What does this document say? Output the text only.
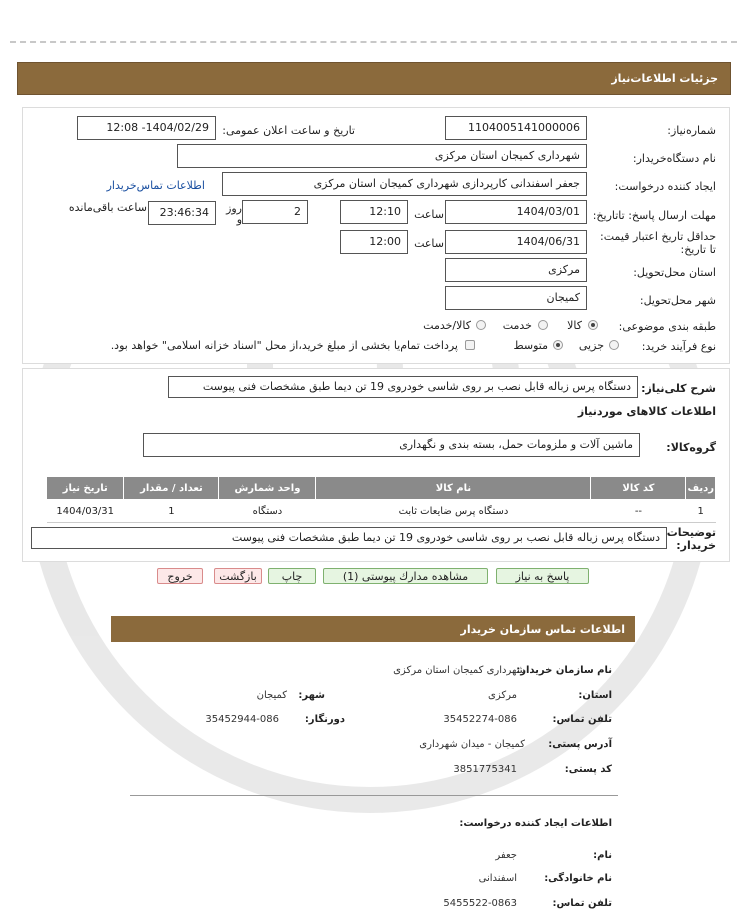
جزئیات اطلاعات‌نیاز
شماره‌نیاز:
1104005141000006
تاریخ و ساعت اعلان عمومی:
1404/02/29- 12:08
نام دستگاه‌خریدار:
شهرداری کمیجان استان مرکزی
ایجاد کننده درخواست:
جعفر اسفندانی کارپردازی شهرداری کمیجان استان مرکزی
اطلاعات تماس‌خریدار
مهلت ارسال پاسخ: تاتاریخ:
1404/03/01
ساعت
12:10
2
روز و
23:46:34
ساعت باقی‌مانده
حداقل تاریخ اعتبار قیمت: تا تاریخ:
1404/06/31
ساعت
12:00
استان محل‌تحویل:
مرکزی
شهر محل‌تحویل:
کمیجان
طبقه بندی موضوعی:
کالا
خدمت
کالا/خدمت
نوع فرآیند خرید:
جزیی
متوسط
پرداخت تمام‌یا بخشی از مبلغ خرید،از محل "اسناد خزانه اسلامی" خواهد بود.
شرح کلی‌نیاز:
دستگاه پرس زباله قابل نصب بر روی شاسی خودروی 19 تن دیما طبق مشخصات فنی پیوست
اطلاعات کالاهای موردنیاز
گروه‌کالا:
ماشین آلات و ملزومات حمل، بسته بندی و نگهداری
ردیف	کد کالا	نام کالا	واحد شمارش	تعداد / مقدار	تاریخ نیاز
1	--	دستگاه پرس ضایعات ثابت	دستگاه	1	1404/03/31
توضیحات خریدار:
دستگاه پرس زباله قابل نصب بر روی شاسی خودروی 19 تن دیما طبق مشخصات فنی پیوست
پاسخ به نیاز
مشاهده مدارك پیوستی (1)
چاپ
بازگشت
خروج
اطلاعات تماس سازمان خریدار
نام سازمان خریدار:
شهرداری کمیجان استان مرکزی
استان:
مرکزی
شهر:
کمیجان
تلفن تماس:
35452274-086
دورنگار:
35452944-086
آدرس پستی:
کمیجان - میدان شهرداری
کد پستی:
3851775341
اطلاعات ایجاد کننده درخواست:
نام:
جعفر
نام خانوادگی:
اسفندانی
تلفن تماس:
5455522-0863
